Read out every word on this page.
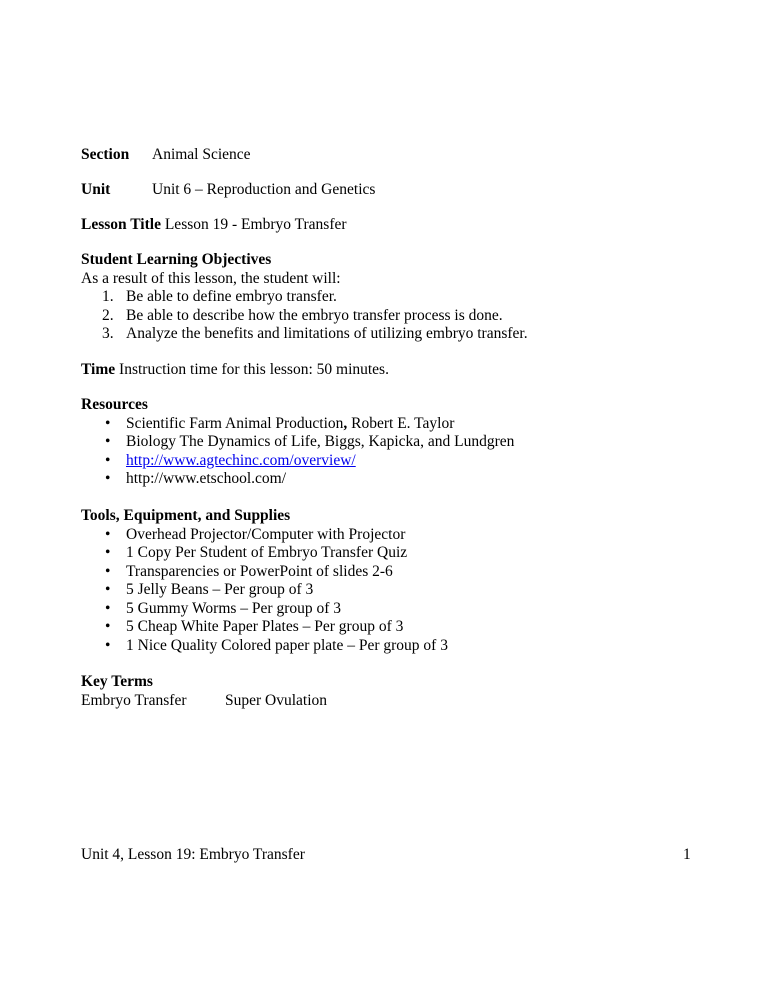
Section Animal Science
Unit	Unit 6 – Reproduction and Genetics
Lesson Title Lesson 19 - Embryo Transfer
Student Learning Objectives
As a result of this lesson, the student will:
1. Be able to define embryo transfer.
2. Be able to describe how the embryo transfer process is done.
3. Analyze the benefits and limitations of utilizing embryo transfer.
Time Instruction time for this lesson: 50 minutes.
Resources
• Scientific Farm Animal Production, Robert E. Taylor
• Biology The Dynamics of Life, Biggs, Kapicka, and Lundgren
• http://www.agtechinc.com/overview/
• http://www.etschool.com/
Tools, Equipment, and Supplies
• Overhead Projector/Computer with Projector
• 1 Copy Per Student of Embryo Transfer Quiz
• Transparencies or PowerPoint of slides 2-6
• 5 Jelly Beans – Per group of 3
• 5 Gummy Worms – Per group of 3
• 5 Cheap White Paper Plates – Per group of 3
• 1 Nice Quality Colored paper plate – Per group of 3
Key Terms
Embryo Transfer Super Ovulation
Unit 4, Lesson 19: Embryo Transfer	1
